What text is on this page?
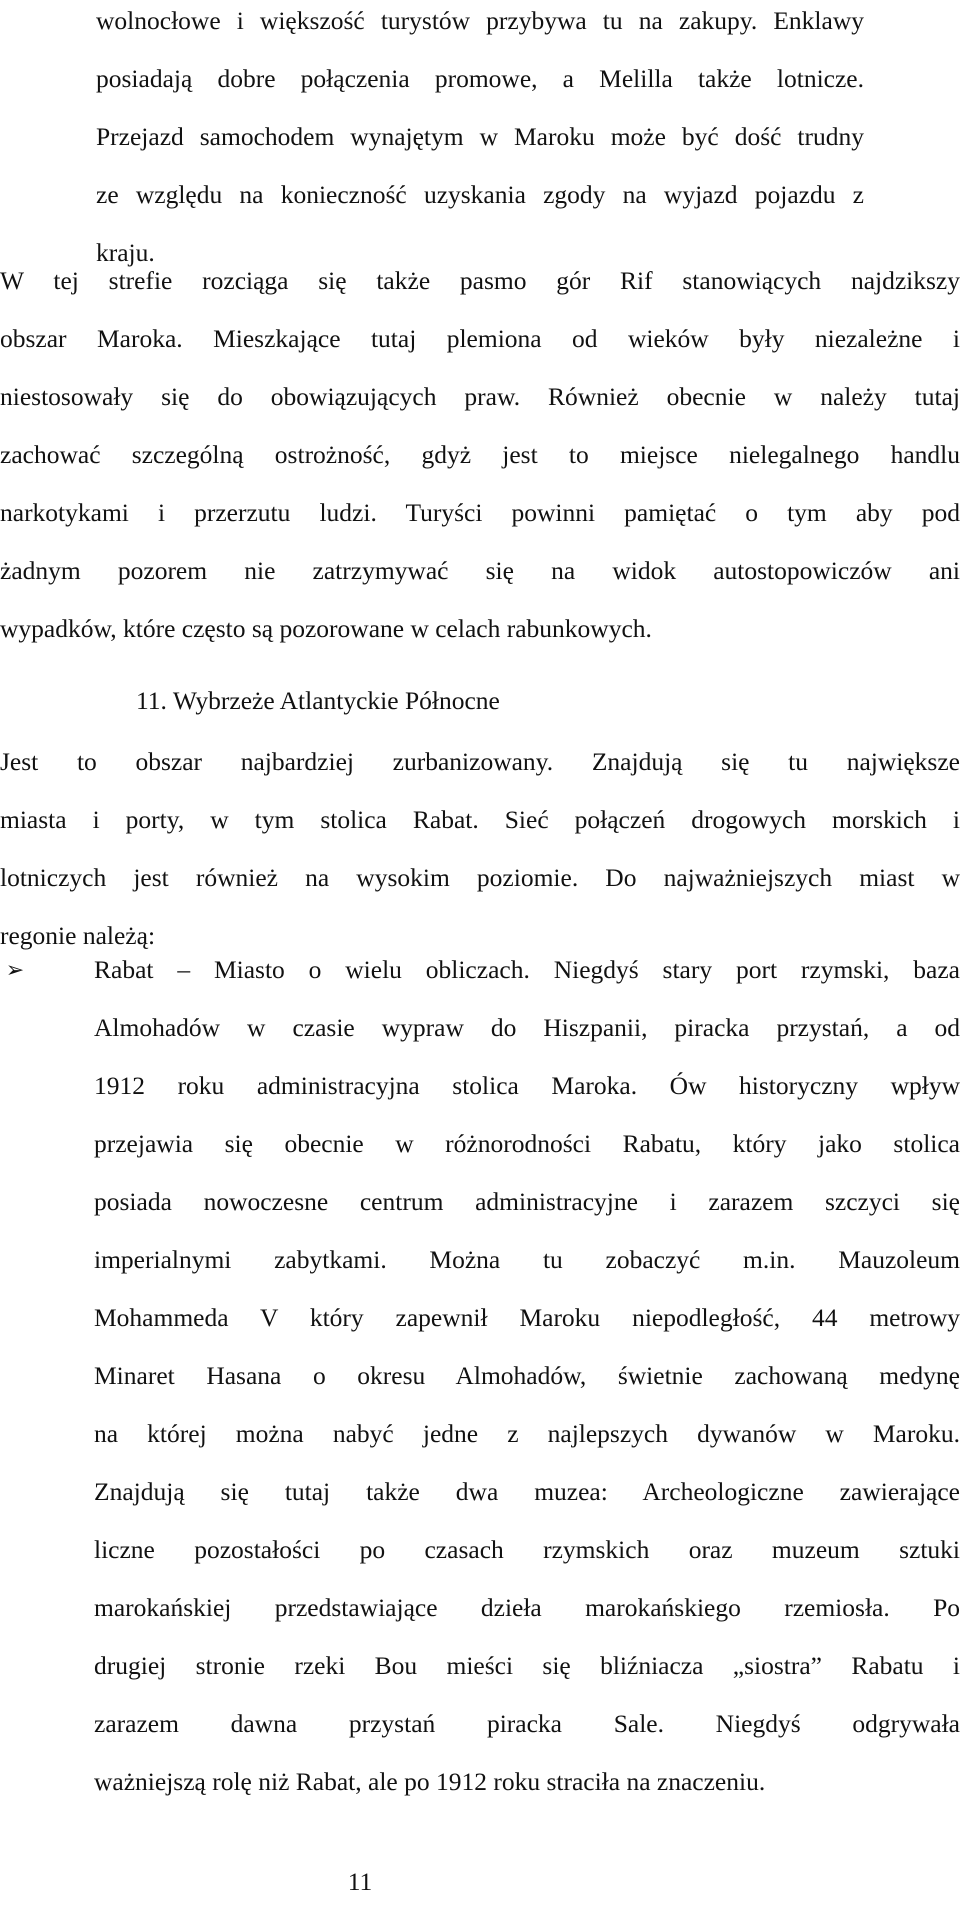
wolnocłowe i większość turystów przybywa tu na zakupy. Enklawy
posiadają dobre połączenia promowe, a Melilla także lotnicze.
Przejazd samochodem wynajętym w Maroku może być dość trudny
ze względu na konieczność uzyskania zgody na wyjazd pojazdu z
kraju.
W tej strefie rozciąga się także pasmo gór Rif stanowiących najdzikszy
obszar Maroka. Mieszkające tutaj plemiona od wieków były niezależne i
niestosowały się do obowiązujących praw. Również obecnie w należy tutaj
zachować szczególną ostrożność, gdyż jest to miejsce nielegalnego handlu
narkotykami i przerzutu ludzi. Turyści powinni pamiętać o tym aby pod
żadnym pozorem nie zatrzymywać się na widok autostopowiczów ani
wypadków, które często są pozorowane w celach rabunkowych.
11. Wybrzeże Atlantyckie Północne
Jest to obszar najbardziej zurbanizowany. Znajdują się tu największe
miasta i porty, w tym stolica Rabat. Sieć połączeń drogowych morskich i
lotniczych jest również na wysokim poziomie. Do najważniejszych miast w
regonie należą:
➢	Rabat – Miasto o wielu obliczach. Niegdyś stary port rzymski, baza
Almohadów w czasie wypraw do Hiszpanii, piracka przystań, a od
1912 roku administracyjna stolica Maroka. Ów historyczny wpływ
przejawia się obecnie w różnorodności Rabatu, który jako stolica
posiada nowoczesne centrum administracyjne i zarazem szczyci się
imperialnymi zabytkami. Można tu zobaczyć m.in. Mauzoleum
Mohammeda V który zapewnił Maroku niepodległość, 44 metrowy
Minaret Hasana o okresu Almohadów, świetnie zachowaną medynę
na której można nabyć jedne z najlepszych dywanów w Maroku.
Znajdują się tutaj także dwa muzea: Archeologiczne zawierające
liczne pozostałości po czasach rzymskich oraz muzeum sztuki
marokańskiej przedstawiające dzieła marokańskiego rzemiosła. Po
drugiej stronie rzeki Bou mieści się bliźniacza „siostra” Rabatu i
zarazem dawna przystań piracka Sale. Niegdyś odgrywała
ważniejszą rolę niż Rabat, ale po 1912 roku straciła na znaczeniu.

11
